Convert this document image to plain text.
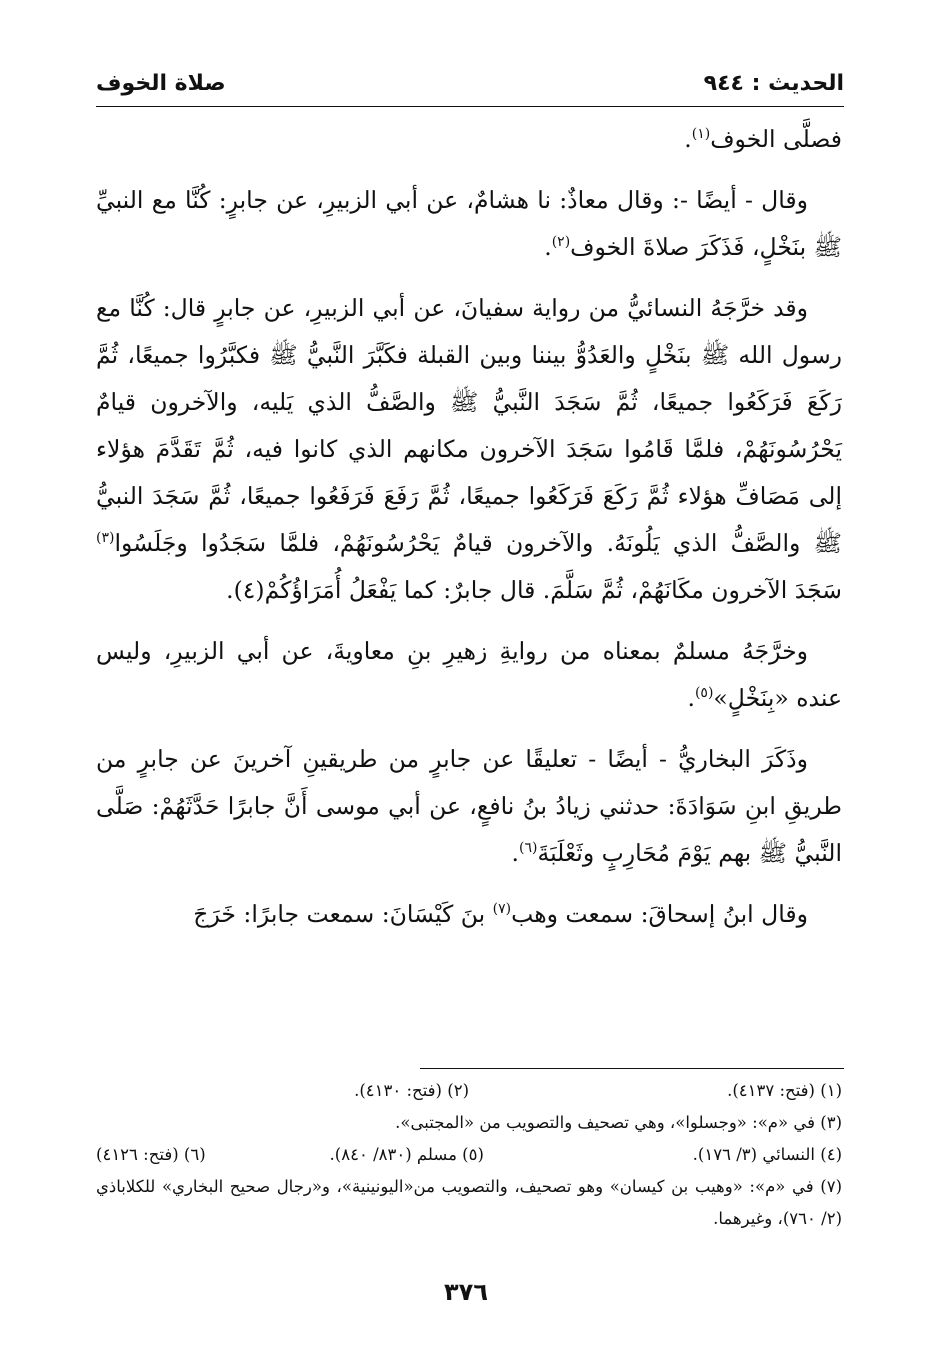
الحديث : ٩٤٤
صلاة الخوف

فصلَّى الخوف$^{(١)}$.

وقال - أيضًا -: وقال معاذٌ: نا هشامٌ، عن أبي الزبيرِ، عن جابرٍ: كُنَّا مع النبيِّ ﷺ بنَخْلٍ، فَذَكَرَ صلاةَ الخوف$^{(٢)}$.

وقد خرَّجَهُ النسائيُّ من رواية سفيانَ، عن أبي الزبيرِ، عن جابرٍ قال: كُنَّا مع رسول الله ﷺ بنَخْلٍ والعَدُوُّ بيننا وبين القبلة فكَبَّرَ النَّبيُّ ﷺ فكبَّرُوا جميعًا، ثُمَّ رَكَعَ فَرَكَعُوا جميعًا، ثُمَّ سَجَدَ النَّبيُّ ﷺ والصَّفُّ الذي يَليه، والآخرون قيامٌ يَحْرُسُونَهُمْ، فلمَّا قَامُوا سَجَدَ الآخرون مكانهم الذي كانوا فيه، ثُمَّ تَقَدَّمَ هؤلاء إلى مَصَافِّ هؤلاء ثُمَّ رَكَعَ فَرَكَعُوا جميعًا، ثُمَّ رَفَعَ فَرَفَعُوا جميعًا، ثُمَّ سَجَدَ النبيُّ ﷺ والصَّفُّ الذي يَلُونَهُ. والآخرون قيامٌ يَحْرُسُونَهُمْ، فلمَّا سَجَدُوا وجَلَسُوا$^{(٣)}$ سَجَدَ الآخرون مكَانَهُمْ، ثُمَّ سَلَّمَ. قال جابرٌ: كما يَفْعَلُ أُمَرَاؤُكُمْ(٤).

وخرَّجَهُ مسلمٌ بمعناه من روايةِ زهيرِ بنِ معاويةَ، عن أبي الزبيرِ، وليس عنده «بِنَخْلٍ»$^{(٥)}$.

وذَكَرَ البخاريُّ - أيضًا - تعليقًا عن جابرٍ من طريقينِ آخرينَ عن جابرٍ من طريقِ ابنِ سَوَادَةَ: حدثني زيادُ بنُ نافعٍ، عن أبي موسى أَنَّ جابرًا حَدَّثَهُمْ: صَلَّى النَّبيُّ ﷺ بهم يَوْمَ مُحَارِبٍ وثَعْلَبَةَ$^{(٦)}$.

وقال ابنُ إسحاقَ: سمعت وهب$^{(٧)}$ بنَ كَيْسَانَ: سمعت جابرًا: خَرَجَ

(١) (فتح: ٤١٣٧).
(٢) (فتح: ٤١٣٠).
(٣) في «م»: «وجسلوا»، وهي تصحيف والتصويب من «المجتبى».
(٤) النسائي (٣/ ١٧٦).
(٥) مسلم (٨٣٠/ ٨٤٠).
(٦) (فتح: ٤١٢٦)
(٧) في «م»: «وهيب بن كيسان» وهو تصحيف، والتصويب من«اليونينية»، و«رجال صحيح البخاري» للكلاباذي (٢/ ٧٦٠)، وغيرهما.
٣٧٦
